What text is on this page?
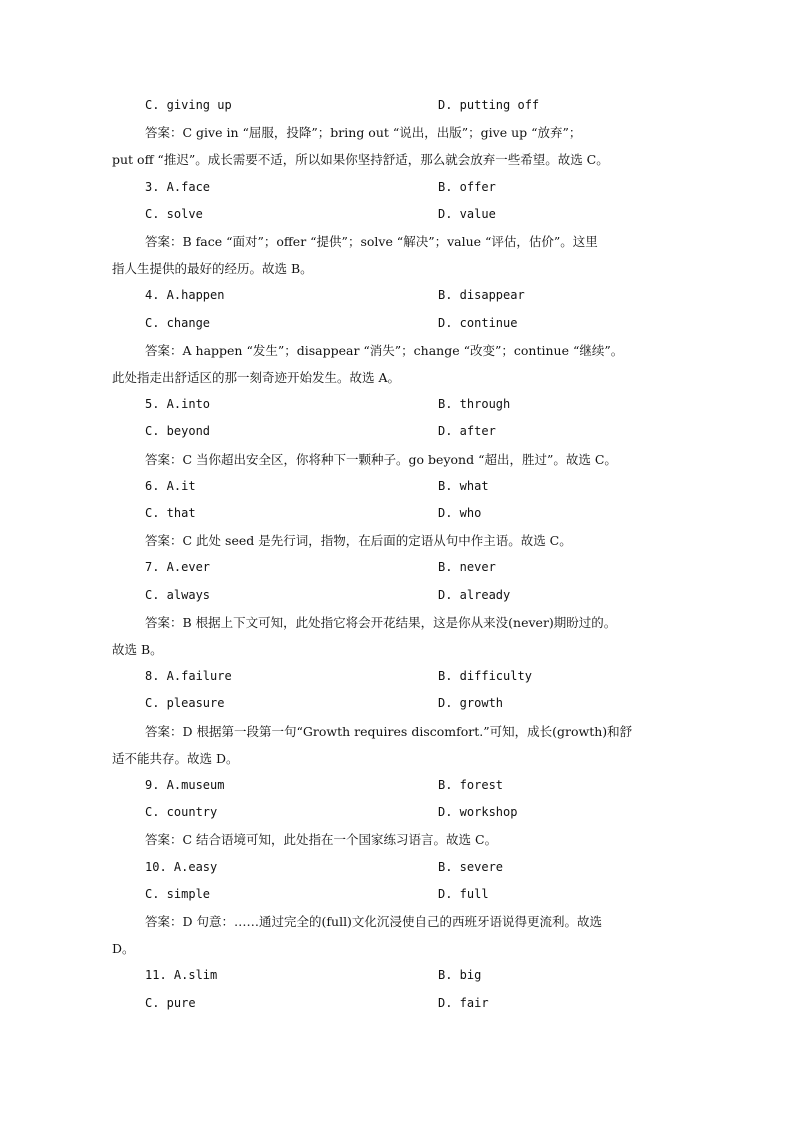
C. giving up	D. putting off
答案：C give in “屈服，投降”；bring out “说出，出版”；give up “放弃”；
put off “推迟”。成长需要不适，所以如果你坚持舒适，那么就会放弃一些希望。故选 C。
3. A.face	B. offer
C. solve	D. value
答案：B face “面对”；offer “提供”；solve “解决”；value “评估，估价”。这里
指人生提供的最好的经历。故选 B。
4. A.happen	B. disappear
C. change	D. continue
答案：A happen “发生”；disappear “消失”；change “改变”；continue “继续”。
此处指走出舒适区的那一刻奇迹开始发生。故选 A。
5. A.into	B. through
C. beyond	D. after
答案：C 当你超出安全区，你将种下一颗种子。go beyond “超出，胜过”。故选 C。
6. A.it	B. what
C. that	D. who
答案：C 此处 seed 是先行词，指物，在后面的定语从句中作主语。故选 C。
7. A.ever	B. never
C. always	D. already
答案：B 根据上下文可知，此处指它将会开花结果，这是你从来没(never)期盼过的。
故选 B。
8. A.failure	B. difficulty
C. pleasure	D. growth
答案：D 根据第一段第一句“Growth requires discomfort.”可知，成长(growth)和舒
适不能共存。故选 D。
9. A.museum	B. forest
C. country	D. workshop
答案：C 结合语境可知，此处指在一个国家练习语言。故选 C。
10. A.easy	B. severe
C. simple	D. full
答案：D 句意：……通过完全的(full)文化沉浸使自己的西班牙语说得更流利。故选
D。
11. A.slim	B. big
C. pure	D. fair
